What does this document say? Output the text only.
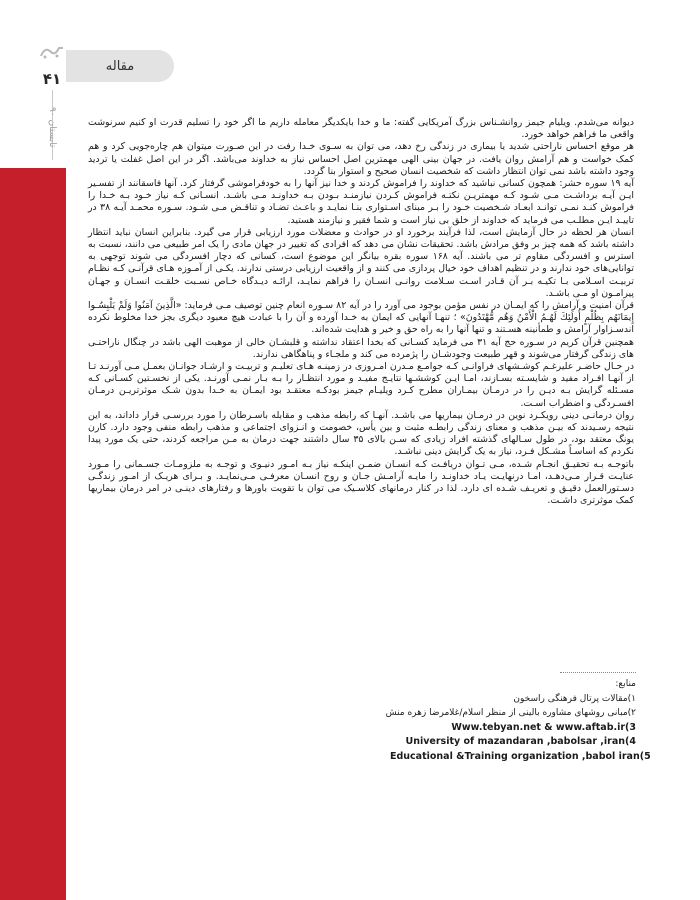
۴۱
تابستان ۹۰
مقاله

دیوانه می‌شدم. ویلیام جیمز روانشـناس بزرگ آمریکایی گفته: ما و خدا بایکدیگر معامله داریم ما اگر خود را تسلیم قدرت او کنیم سرنوشت واقعی ما فراهم خواهد خورد.

هر موقع احساس ناراحتی شدید یا بیماری در زندگی رخ دهد، می توان به سـوی خـدا رفت در این صـورت میتوان هم چاره‌جویی کرد و هم کمک خواست و هم آرامش روان یافت. در جهان بینی الهی مهمترین اصل احساس نیاز به خداوند می‌باشد. اگر در این اصل غفلت یا تردید وجود داشته باشد نمی توان انتظار داشت که شخصیت انسان صحیح و استوار بنا گردد.

آیه ۱۹ سوره حشر: همچون کسانی نباشید که خداوند را فراموش کردند و خدا نیز آنها را به خودفراموشی گرفتار کرد. آنها فاسقانند از تفسـیر ایـن آیـه برداشـت مـی شـود کـه مهمتریـن نکتـه فراموش کـردن نیازمنـد بـودن بـه خداونـد مـی باشـد. انسـانی کـه نیاز خـود بـه خـدا را فراموش کنـد نمـی توانـد ابعـاد شـخصیت خـود را بـر مبنای اسـتواری بنـا نمایـد و باعـث تضـاد و تناقـض مـی شـود. سـوره محمـد آیـه ۳۸ در تاییـد ایـن مطلـب می فرماید که خداوند از خلق بی نیاز است و شما فقیر و نیازمند هستید.

انسان هر لحظه در حال آزمایش است، لذا فرآیند برخورد او در حوادث و معضلات مورد ارزیابی قرار می گیرد. بنابراین انسان نباید انتظار داشته باشد که همه چیز بر وفق مرادش باشد. تحقیقات نشان می دهد که افرادی که تغییر در جهان مادی را یک امر طبیعی می دانند، نسبت به استرس و افسردگی مقاوم تر می باشند. آیه ۱۶۸ سوره بقره بیانگر این موضوع است، کسانی که دچار افسردگی می شوند توجهی به توانایی‌های خود ندارند و در تنظیم اهداف خود خیال پردازی می کنند و از واقعیت ارزیابی درستی ندارند. یکـی از آمـوزه هـای قرآنـی کـه نظـام تربیـت اسـلامی بـا تکیـه بـر آن قـادر اسـت سـلامت روانـی انسـان را فراهم نمایـد، ارائـه دیـدگاه خـاص نسـبت خلقـت انسـان و جهـان پیرامـون او مـی باشـد.

قرآن امنیت و آرامش را که ایمـان در نفس مؤمن بوجود می آورد را در آیه ۸۲ سـوره انعام چنین توصیف مـی فرماید: «الَّذِينَ آمَنُوا وَلَمْ يَلْبِسُـوا إِيمَانَهُم بِظُلْمٍ أُولَئِكَ لَهُـمُ الْأَمْنُ وَهُم مُّهْتَدُونَ» ؛ تنهـا آنهایی که ایمان به خـدا آورده و آن را با عبادت هیچ معبود دیگری بجز خدا مخلوط نکرده اندسـزاوار آرامش و طمأنینه هسـتند و تنها آنها را به راه حق و خیر و هدایت شده‌اند.

همچنین قرآن کریم در سـوره حج آیه ۳۱ می فرماید کسـانی که بخدا اعتقاد نداشته و قلبشـان خالی از موهبت الهی باشد در چنگال ناراحتـی های زندگی گرفتار می‌شوند و قهر طبیعت وجودشـان را پژمرده می کند و ملجـاء و پناهگاهی ندارند.

در حـال حاضـر علیرغـم کوشـشهای فراوانـی کـه جوامـع مـدرن امـروزی در زمینـه هـای تعلیـم و تربیـت و ارشـاد جوانـان بعمـل مـی آورنـد تـا از آنهـا افـراد مفید و شایسـته بسـازند، امـا ایـن کوششـها نتایـج مفیـد و مورد انتظـار را بـه بـار نمـی آورنـد. یکی از نخسـتین کسـانی کـه مسـئله گرایش بـه دیـن را در درمـان بیمـاران مطرح کـرد ویلیـام جیمز بودکـه معتقـد بود ایمـان به خـدا بدون شـک موثرتریـن درمـان افسـردگی و اضطراب اسـت.

روان درمانـی دینی رویکـرد نوین در درمـان بیماریها می باشـد. آنهـا که رابطه مذهب و مقابله باسـرطان را مورد بررسـی قرار داداند، به این نتیجه رسـیدند که بیـن مذهب و معنای زندگی رابطـه مثبت و بین یأس، خصومت و انـزوای اجتماعی و مذهب رابطه منفی وجود دارد. کارن یونگ معتقد بود، در طول سـالهای گذشته افراد زیادی که سـن بالای ۳۵ سال داشتند جهت درمان به مـن مراجعه کردند، حتی یک مورد پیدا نکردم که اساسـاً مشـکل فـرد، نیاز به یک گرایش دینی نباشـد.

باتوجـه بـه تحقیـق انجـام شـده، مـی تـوان دریافـت کـه انسـان ضمـن اینکـه نیاز بـه امـور دنیـوی و توجـه به ملزومـات جسـمانی را مـورد عنایـت قـرار مـی‌دهـد، امـا درنهایـت یـاد خداونـد را مایـه آرامـش جـان و روح انسـان معرفـی مـی‌نمایـد. و بـرای هریـک از امـور زندگـی دسـتورالعمل دقیـق و تعریـف شـده ای دارد. لذا در کنار درمانهای کلاسـیک می توان با تقویت باورها و رفتارهای دینـی در امر درمان بیماریها کمک موثرتری داشـت.

منابع:
۱)مقالات پرتال فرهنگی راسخون
۲)مبانی روشهای مشاوره بالینی از منظر اسلام/غلامرضا زهره منش
Www.tebyan.net & www.aftab.ir(3
University of mazandaran ,babolsar ,iran(4
Educational &Training organization ,babol iran(5
